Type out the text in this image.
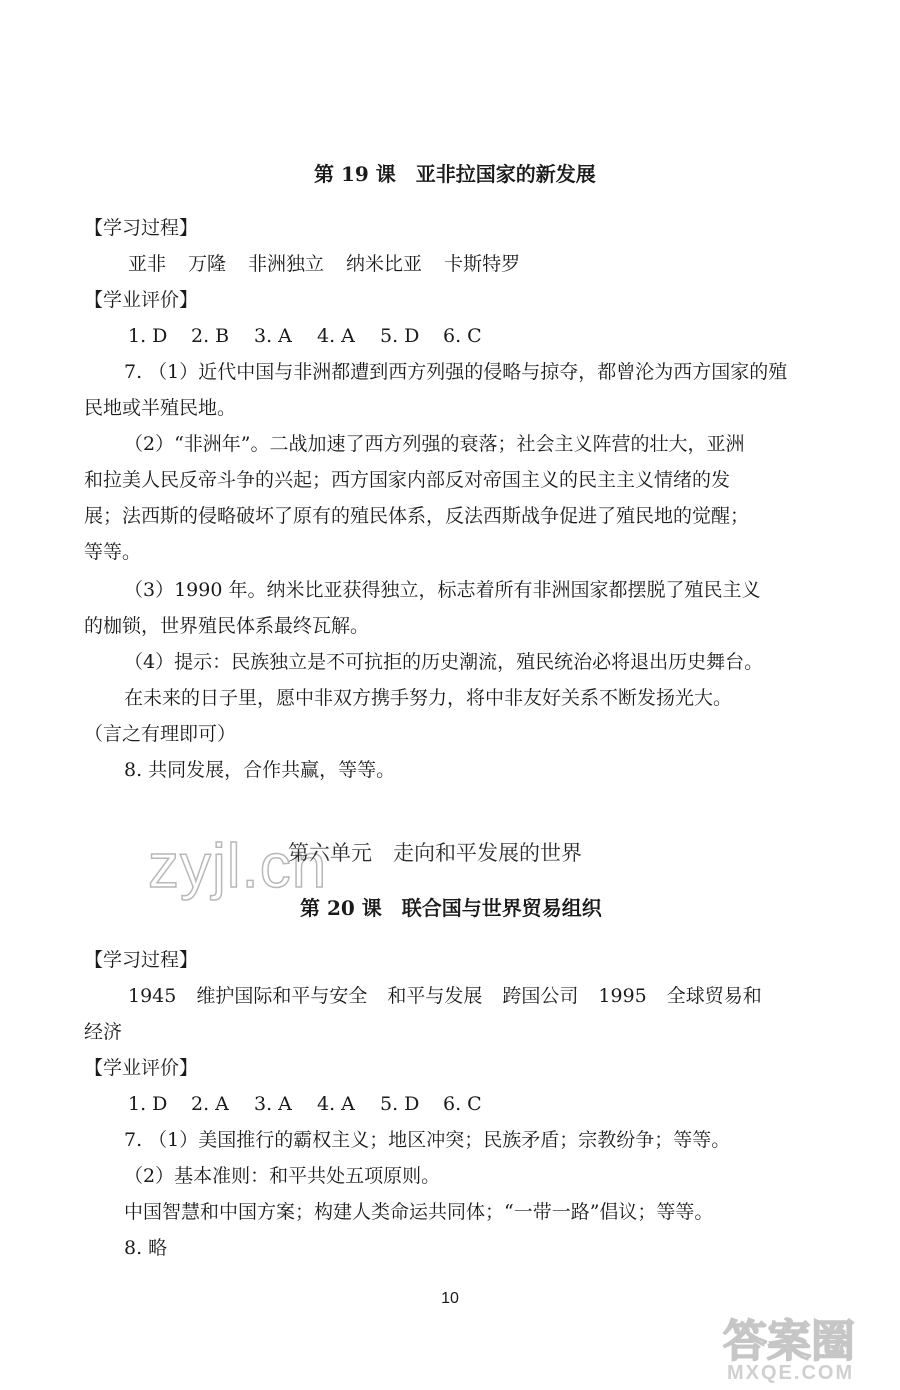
第 19 课　亚非拉国家的新发展
【学习过程】
亚非 万隆 非洲独立 纳米比亚 卡斯特罗
【学业评价】
1. D 2. B 3. A 4. A 5. D 6. C
7. （1）近代中国与非洲都遭到西方列强的侵略与掠夺，都曾沦为西方国家的殖
民地或半殖民地。
（2）“非洲年”。二战加速了西方列强的衰落；社会主义阵营的壮大，亚洲
和拉美人民反帝斗争的兴起；西方国家内部反对帝国主义的民主主义情绪的发
展；法西斯的侵略破坏了原有的殖民体系，反法西斯战争促进了殖民地的觉醒；
等等。
（3）1990 年。纳米比亚获得独立，标志着所有非洲国家都摆脱了殖民主义
的枷锁，世界殖民体系最终瓦解。
（4）提示：民族独立是不可抗拒的历史潮流，殖民统治必将退出历史舞台。
在未来的日子里，愿中非双方携手努力，将中非友好关系不断发扬光大。
（言之有理即可）
8. 共同发展，合作共赢，等等。
zyjl.cn
第六单元　走向和平发展的世界
第 20 课　联合国与世界贸易组织
【学习过程】
1945 维护国际和平与安全 和平与发展 跨国公司 1995 全球贸易和
经济
【学业评价】
1. D 2. A 3. A 4. A 5. D 6. C
7. （1）美国推行的霸权主义；地区冲突；民族矛盾；宗教纷争；等等。
（2）基本准则：和平共处五项原则。
中国智慧和中国方案；构建人类命运共同体；“一带一路”倡议；等等。
8. 略
10
答案圈
MXQE.COM
